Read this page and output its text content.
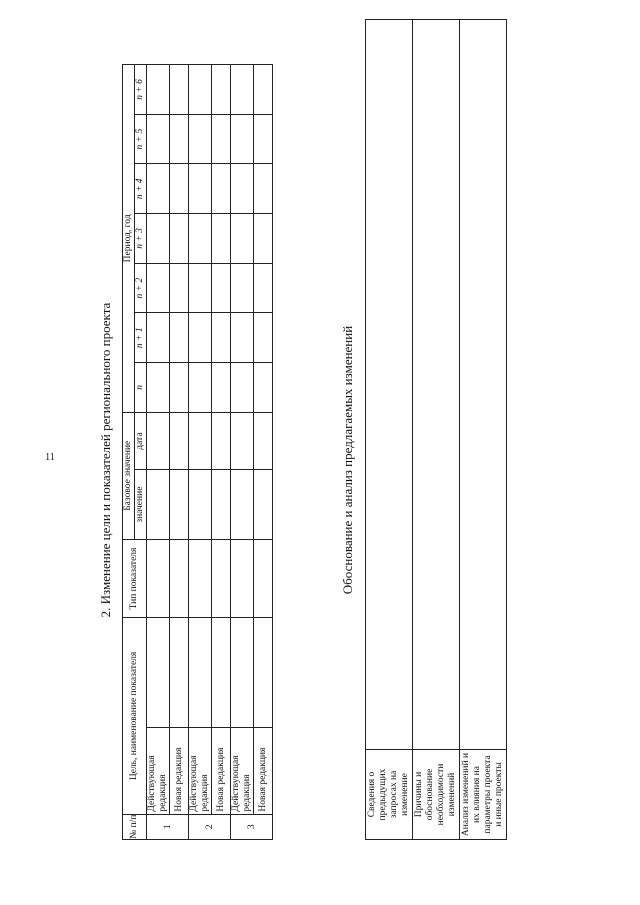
11	2. Изменение цели и показателей регионального проекта
№ п/п	Цель, наименование показателя		Тип показателя	Базовое значение		Период, год						
				значение	дата	n	n + 1	n + 2	n + 3	n + 4	n + 5	n + 6
1	Действующая редакция											
	Новая редакция											
2	Действующая редакция											
	Новая редакция											
3	Действующая редакция											
	Новая редакция											
Обоснование и анализ предлагаемых изменений
Сведения о предыдущих запросах на изменение	
Причины и обоснование необходимости изменений	
Анализ изменений и их влияния на параметры проекта и иные проекты	
